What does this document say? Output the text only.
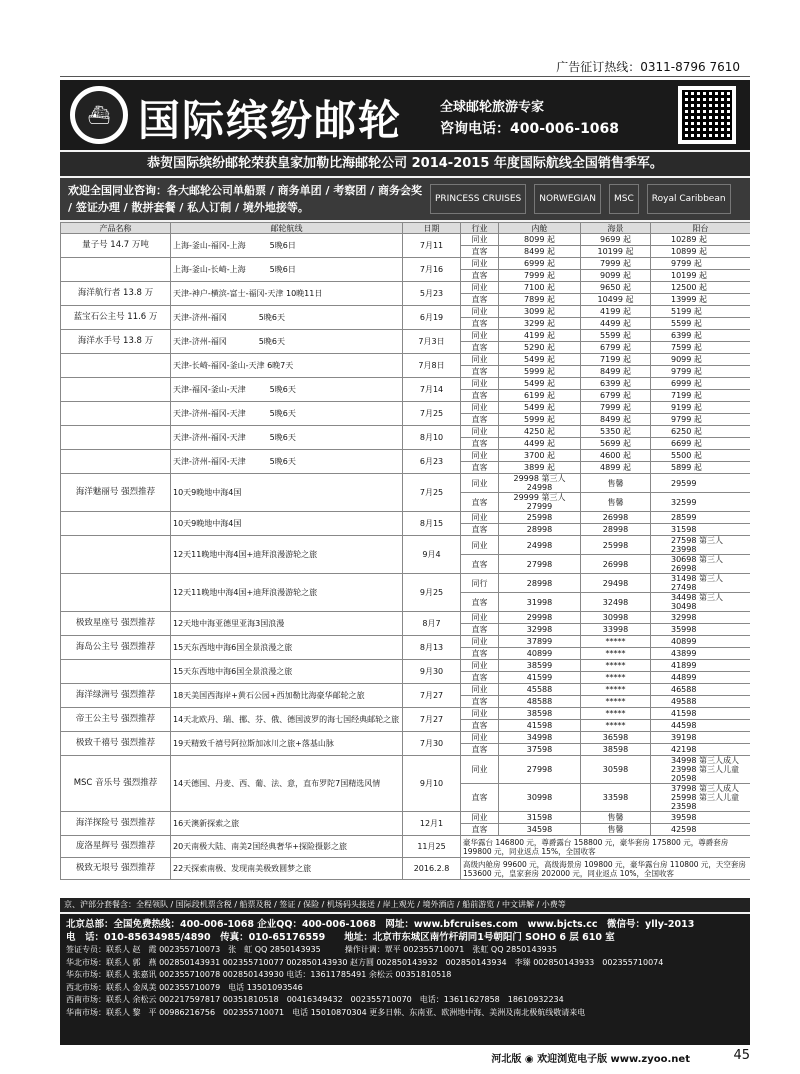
广告征订热线：0311-8796 7610
⛴ 国际缤纷邮轮	全球邮轮旅游专家
咨询电话：400-006-1068
恭贺国际缤纷邮轮荣获皇家加勒比海邮轮公司 2014-2015 年度国际航线全国销售季军。
欢迎全国同业咨询：各大邮轮公司单船票 / 商务单团 / 考察团 / 商务会奖 / 签证办理 / 散拼套餐 / 私人订制 / 境外地接等。
PRINCESS CRUISES	NORWEGIAN	MSC	Royal Caribbean
产品名称	邮轮航线	日期	行业	内舱	海景	阳台
量子号 14.7 万吨	上海-釜山-福冈-上海　　　5晚6日	7月11	同业	8099 起	9699 起	10289 起
			直客	8499 起	10199 起	10899 起
	上海-釜山-长崎-上海　　　5晚6日	7月16	同业	6999 起	7999 起	9799 起
			直客	7999 起	9099 起	10199 起
海洋航行者 13.8 万	天津-神户-横滨-富士-福冈-天津 10晚11日	5月23	同业	7100 起	9650 起	12500 起
			直客	7899 起	10499 起	13999 起
蓝宝石公主号 11.6 万	天津-济州-福冈　　　　5晚6天	6月19	同业	3099 起	4199 起	5199 起
			直客	3299 起	4499 起	5599 起
海洋水手号 13.8 万	天津-济州-福冈　　　　5晚6天	7月3日	同业	4199 起	5599 起	6399 起
			直客	5290 起	6799 起	7599 起
	天津-长崎-福冈-釜山-天津 6晚7天	7月8日	同业	5499 起	7199 起	9099 起
			直客	5999 起	8499 起	9799 起
	天津-福冈-釜山-天津　　　5晚6天	7月14	同业	5499 起	6399 起	6999 起
			直客	6199 起	6799 起	7199 起
	天津-济州-福冈-天津　　　5晚6天	7月25	同业	5499 起	7999 起	9199 起
			直客	5999 起	8499 起	9799 起
	天津-济州-福冈-天津　　　5晚6天	8月10	同业	4250 起	5350 起	6250 起
			直客	4499 起	5699 起	6699 起
	天津-济州-福冈-天津　　　5晚6天	6月23	同业	3700 起	4600 起	5500 起
			直客	3899 起	4899 起	5899 起
海洋魅丽号 强烈推荐	10天9晚地中海4国	7月25	同业	29998 第三人 24998	售馨	29599
			直客	29999 第三人 27999	售馨	32599
	10天9晚地中海4国	8月15	同业	25998	26998	28599
			直客	28998	28998	31598
	12天11晚地中海4国+迪拜浪漫游轮之旅	9月4	同业	24998	25998	27598 第三人 23998
			直客	27998	26998	30698 第三人 26998
	12天11晚地中海4国+迪拜浪漫游轮之旅	9月25	同行	28998	29498	31498 第三人 27498
			直客	31998	32498	34498 第三人 30498
极致星座号 强烈推荐	12天地中海亚德里亚海3国浪漫	8月7	同业	29998	30998	32998
			直客	32998	33998	35998
海岛公主号 强烈推荐	15天东西地中海6国全景浪漫之旅	8月13	同业	37899	*****	40899
			直客	40899	*****	43899
	15天东西地中海6国全景浪漫之旅	9月30	同业	38599	*****	41899
			直客	41599	*****	44899
海洋绿洲号 强烈推荐	18天美国西海岸+黄石公园+西加勒比海豪华邮轮之旅	7月27	同业	45588	*****	46588
			直客	48588	*****	49588
帝王公主号 强烈推荐	14天北欧丹、瑞、挪、芬、俄、德国波罗的海七国经典邮轮之旅	7月27	同业	38598	*****	41598
			直客	41598	*****	44598
极致千禧号 强烈推荐	19天精致千禧号阿拉斯加冰川之旅+落基山脉	7月30	同业	34998	36598	39198
			直客	37598	38598	42198
MSC 音乐号 强烈推荐	14天德国、丹麦、西、葡、法、意，直布罗陀7国精选风情	9月10	同业	27998	30598	34998 第三人成人 23998 第三人儿童 20598
			直客	30998	33598	37998 第三人成人 25998 第三人儿童 23598
海洋探险号 强烈推荐	16天澳新探索之旅	12月1	同业	31598	售馨	39598
			直客	34598	售馨	42598
庞洛星辉号 强烈推荐	20天南极大陆、南美2国经典奢华+探险摄影之旅	11月25	豪华露台 146800 元，尊爵露台 158800 元，豪华套房 175800 元，尊爵套房 199800 元，同业返点 15%，全国收客			
极致无垠号 强烈推荐	22天探索南极、发现南美极致圆梦之旅	2016.2.8	高级内舱房 99600 元，高级海景房 109800 元，豪华露台房 110800 元，天空套房 153600 元，皇家套房 202000 元，同业返点 10%，全国收客			
京、沪部分套餐含：全程领队 / 国际段机票含税 / 船票及税 / 签证 / 保险 / 机场码头接送 / 岸上观光 / 境外酒店 / 船前游览 / 中文讲解 / 小费等
北京总部：全国免费热线：400-006-1068 企业QQ：400-006-1068　网址：www.bfcruises.com　www.bjcts.cc　微信号：ylly-2013
电　话：010-85634985/4890　传真：010-65176559　　地址：北京市东城区南竹杆胡同1号朝阳门 SOHO 6 层 610 室
签证专员：联系人 赵　霞 002355710073　张　虹 QQ 2850143935　　　操作计调：覃平 002355710071　张虹 QQ 2850143935
华北市场：联系人 郭　燕 002850143931 002355710077 002850143930 赵方圆 002850143932　002850143934　李臻 002850143933　002355710074
华东市场：联系人 张嘉讯 002355710078 002850143930 电话：13611785491 余松云 00351810518
西北市场：联系人 金凤美 002355710079　电话 13501093546
西南市场：联系人 余松云 002217597817 00351810518　00416349432　002355710070　电话：13611627858　18610932234
华南市场：联系人 黎　平 00986216756　002355710071　电话 15010870304 更多日韩、东南亚、欧洲地中海、美洲及南北极航线敬请来电
河北版 ◉ 欢迎浏览电子版 www.zyoo.net	45
